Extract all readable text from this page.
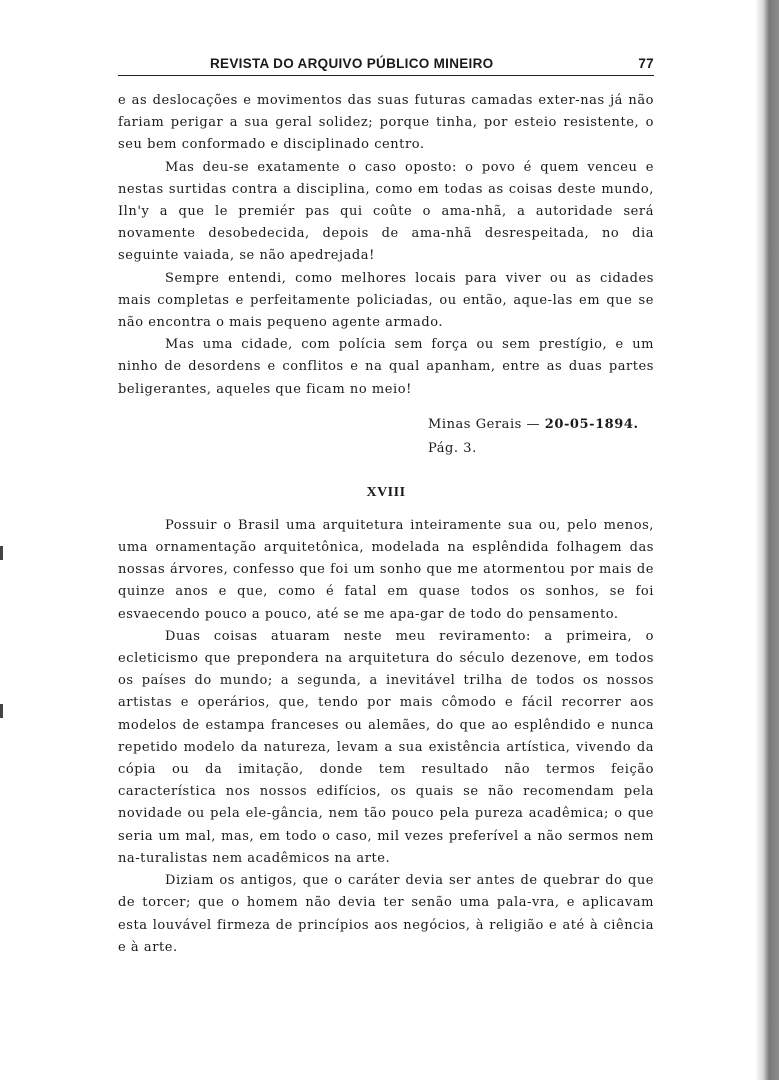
REVISTA DO ARQUIVO PÚBLICO MINEIRO	77

e as deslocações e movimentos das suas futuras camadas exter-nas já não fariam perigar a sua geral solidez; porque tinha, por esteio resistente, o seu bem conformado e disciplinado centro.

Mas deu-se exatamente o caso oposto: o povo é quem venceu e nestas surtidas contra a disciplina, como em todas as coisas deste mundo, Iln'y a que le premiér pas qui coûte o ama-nhã, a autoridade será novamente desobedecida, depois de ama-nhã desrespeitada, no dia seguinte vaiada, se não apedrejada!

Sempre entendi, como melhores locais para viver ou as cidades mais completas e perfeitamente policiadas, ou então, aque-las em que se não encontra o mais pequeno agente armado.

Mas uma cidade, com polícia sem força ou sem prestígio, e um ninho de desordens e conflitos e na qual apanham, entre as duas partes beligerantes, aqueles que ficam no meio!

Minas Gerais — 20-05-1894.
Pág. 3.
XVIII

Possuir o Brasil uma arquitetura inteiramente sua ou, pelo menos, uma ornamentação arquitetônica, modelada na esplêndida folhagem das nossas árvores, confesso que foi um sonho que me atormentou por mais de quinze anos e que, como é fatal em quase todos os sonhos, se foi esvaecendo pouco a pouco, até se me apa-gar de todo do pensamento.

Duas coisas atuaram neste meu reviramento: a primeira, o ecleticismo que prepondera na arquitetura do século dezenove, em todos os países do mundo; a segunda, a inevitável trilha de todos os nossos artistas e operários, que, tendo por mais cômodo e fácil recorrer aos modelos de estampa franceses ou alemães, do que ao esplêndido e nunca repetido modelo da natureza, levam a sua existência artística, vivendo da cópia ou da imitação, donde tem resultado não termos feição característica nos nossos edifícios, os quais se não recomendam pela novidade ou pela ele-gância, nem tão pouco pela pureza acadêmica; o que seria um mal, mas, em todo o caso, mil vezes preferível a não sermos nem na-turalistas nem acadêmicos na arte.

Diziam os antigos, que o caráter devia ser antes de quebrar do que de torcer; que o homem não devia ter senão uma pala-vra, e aplicavam esta louvável firmeza de princípios aos negócios, à religião e até à ciência e à arte.
